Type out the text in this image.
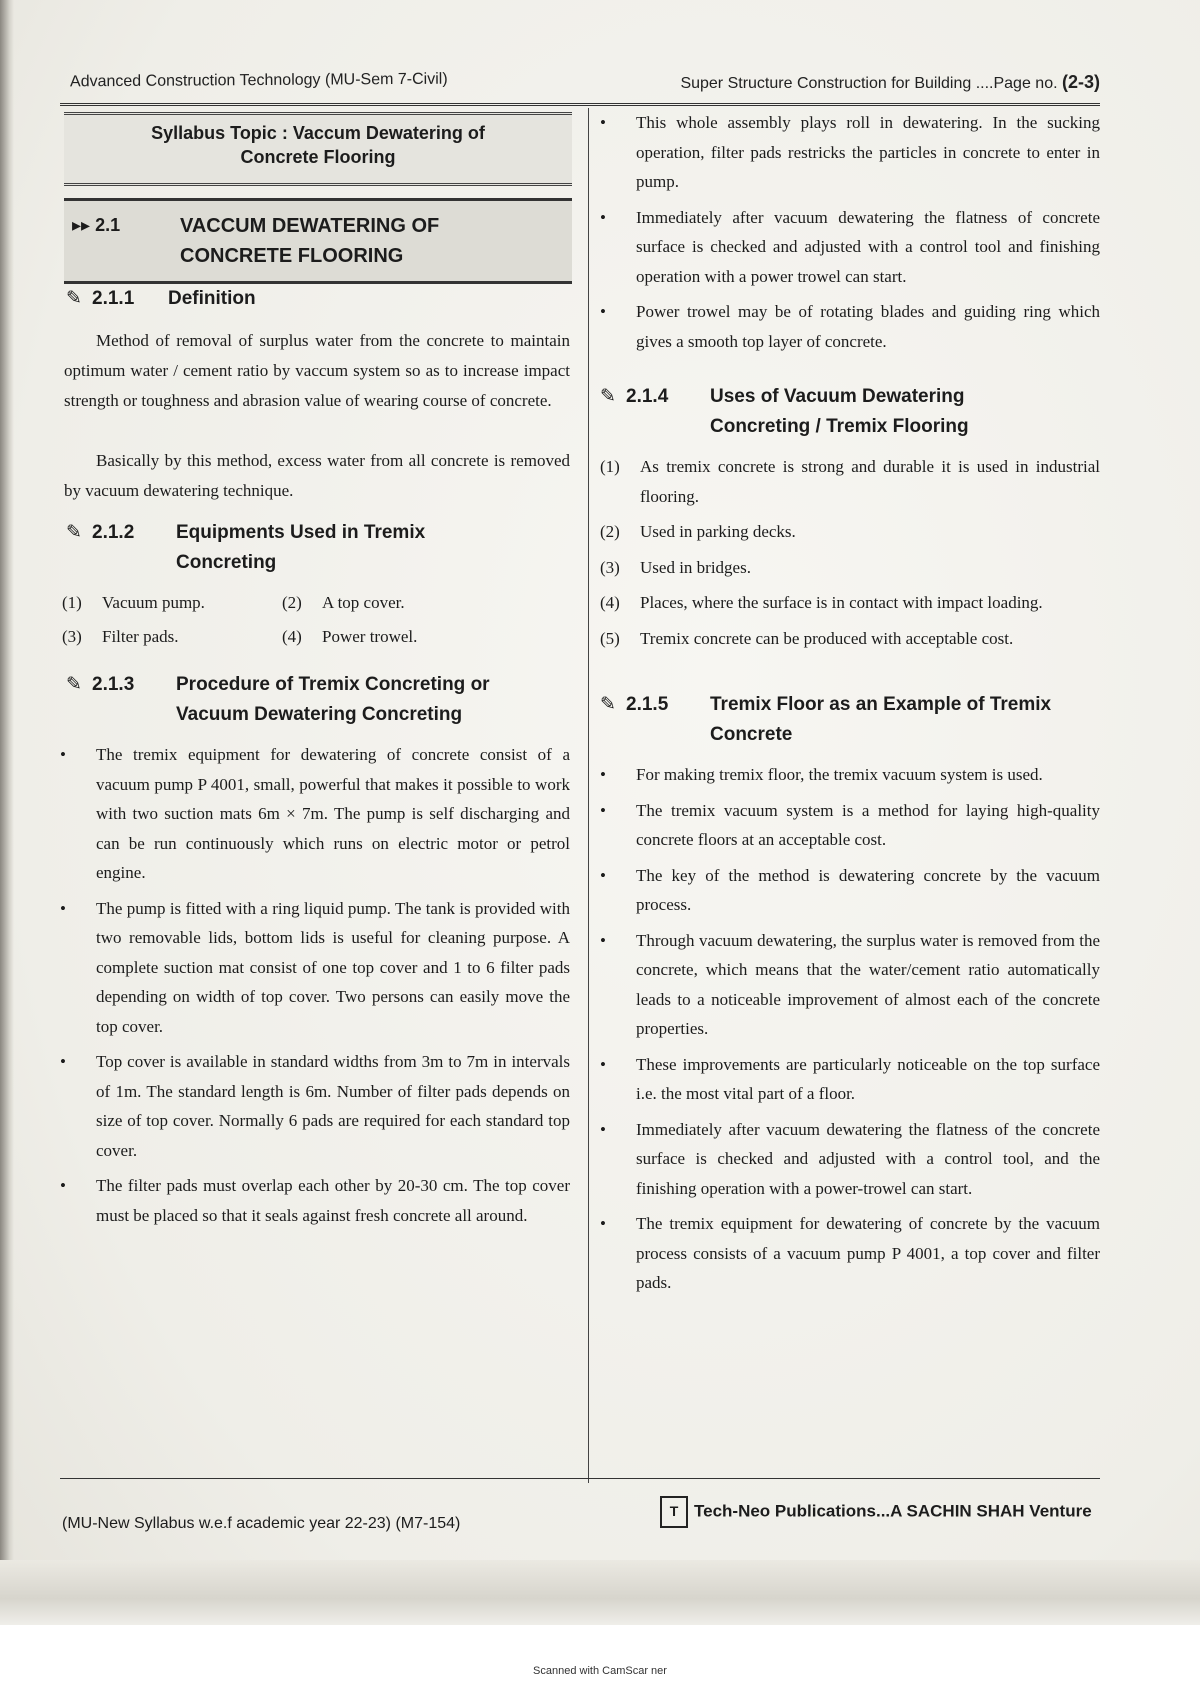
Advanced Construction Technology (MU-Sem 7-Civil)	Super Structure Construction for Building ....Page no. (2-3)
Syllabus Topic : Vaccum Dewatering of
Concrete Flooring
▸▸ 2.1	VACCUM DEWATERING OF
CONCRETE FLOORING
✎ 2.1.1 Definition

Method of removal of surplus water from the concrete to maintain optimum water / cement ratio by vaccum system so as to increase impact strength or toughness and abrasion value of wearing course of concrete.

Basically by this method, excess water from all concrete is removed by vacuum dewatering technique.

✎ 2.1.2 Equipments Used in Tremix
Concreting
(1) Vacuum pump.	(2) A top cover.
(3) Filter pads.	(4) Power trowel.
✎ 2.1.3 Procedure of Tremix Concreting or
Vacuum Dewatering Concreting
• The tremix equipment for dewatering of concrete consist of a vacuum pump P 4001, small, powerful that makes it possible to work with two suction mats 6m × 7m. The pump is self discharging and can be run continuously which runs on electric motor or petrol engine.
• The pump is fitted with a ring liquid pump. The tank is provided with two removable lids, bottom lids is useful for cleaning purpose. A complete suction mat consist of one top cover and 1 to 6 filter pads depending on width of top cover. Two persons can easily move the top cover.
• Top cover is available in standard widths from 3m to 7m in intervals of 1m. The standard length is 6m. Number of filter pads depends on size of top cover. Normally 6 pads are required for each standard top cover.
• The filter pads must overlap each other by 20-30 cm. The top cover must be placed so that it seals against fresh concrete all around.
• This whole assembly plays roll in dewatering. In the sucking operation, filter pads restricks the particles in concrete to enter in pump.
• Immediately after vacuum dewatering the flatness of concrete surface is checked and adjusted with a control tool and finishing operation with a power trowel can start.
• Power trowel may be of rotating blades and guiding ring which gives a smooth top layer of concrete.
✎ 2.1.4 Uses of Vacuum Dewatering
Concreting / Tremix Flooring
(1) As tremix concrete is strong and durable it is used in industrial flooring.
(2) Used in parking decks.
(3) Used in bridges.
(4) Places, where the surface is in contact with impact loading.
(5) Tremix concrete can be produced with acceptable cost.
✎ 2.1.5 Tremix Floor as an Example of Tremix
Concrete
• For making tremix floor, the tremix vacuum system is used.
• The tremix vacuum system is a method for laying high-quality concrete floors at an acceptable cost.
• The key of the method is dewatering concrete by the vacuum process.
• Through vacuum dewatering, the surplus water is removed from the concrete, which means that the water/cement ratio automatically leads to a noticeable improvement of almost each of the concrete properties.
• These improvements are particularly noticeable on the top surface i.e. the most vital part of a floor.
• Immediately after vacuum dewatering the flatness of the concrete surface is checked and adjusted with a control tool, and the finishing operation with a power-trowel can start.
• The tremix equipment for dewatering of concrete by the vacuum process consists of a vacuum pump P 4001, a top cover and filter pads.
(MU-New Syllabus w.e.f academic year 22-23) (M7-154)
T Tech-Neo Publications...A SACHIN SHAH Venture
Scanned with CamScar ner
